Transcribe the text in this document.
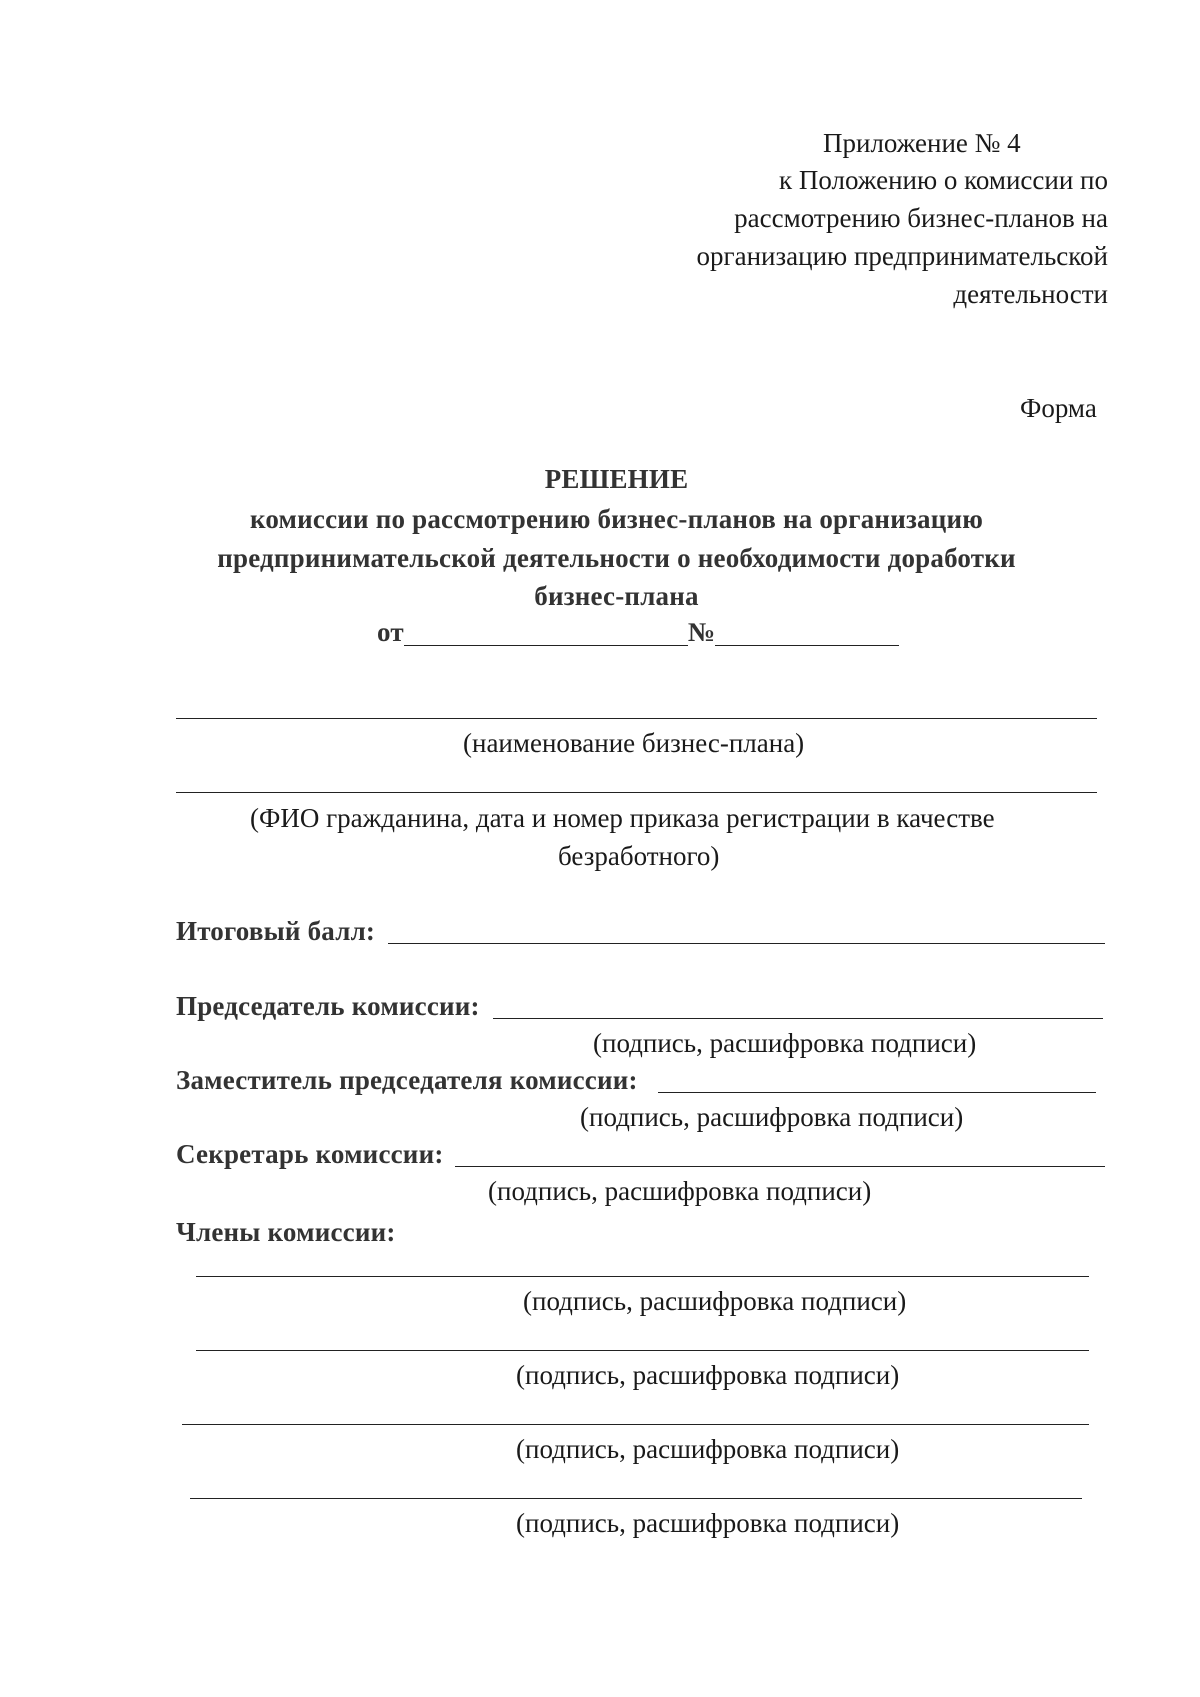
Приложение № 4
к Положению о комиссии по
рассмотрению бизнес-планов на
организацию предпринимательской
деятельности
Форма
РЕШЕНИЕ
комиссии по рассмотрению бизнес-планов на организацию
предпринимательской деятельности о необходимости доработки
бизнес-плана
от	№
(наименование бизнес-плана)
(ФИО гражданина, дата и номер приказа регистрации в качестве
безработного)
Итоговый балл:
Председатель комиссии:
(подпись, расшифровка подписи)
Заместитель председателя комиссии:
(подпись, расшифровка подписи)
Секретарь комиссии:
(подпись, расшифровка подписи)
Члены комиссии:
(подпись, расшифровка подписи)
(подпись, расшифровка подписи)
(подпись, расшифровка подписи)
(подпись, расшифровка подписи)
